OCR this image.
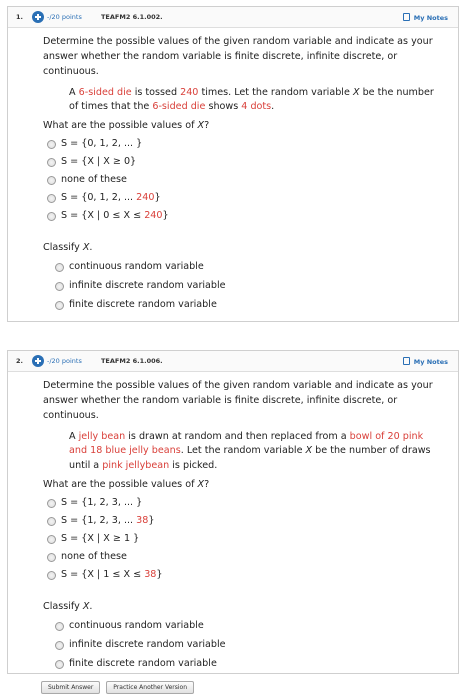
1.	-/20 points	TEAFM2 6.1.002.	My Notes
Determine the possible values of the given random variable and indicate as your answer whether the random variable is finite discrete, infinite discrete, or continuous.
A 6-sided die is tossed 240 times. Let the random variable X be the number of times that the 6-sided die shows 4 dots.
What are the possible values of X?
S = {0, 1, 2, ... }
S = {X | X ≥ 0}
none of these
S = {0, 1, 2, ... 240}
S = {X | 0 ≤ X ≤ 240}
Classify X.
continuous random variable
infinite discrete random variable
finite discrete random variable
2.	-/20 points	TEAFM2 6.1.006.	My Notes
Determine the possible values of the given random variable and indicate as your answer whether the random variable is finite discrete, infinite discrete, or continuous.
A jelly bean is drawn at random and then replaced from a bowl of 20 pink and 18 blue jelly beans. Let the random variable X be the number of draws until a pink jellybean is picked.
What are the possible values of X?
S = {1, 2, 3, ... }
S = {1, 2, 3, ... 38}
S = {X | X ≥ 1 }
none of these
S = {X | 1 ≤ X ≤ 38}
Classify X.
continuous random variable
infinite discrete random variable
finite discrete random variable
Submit Answer	Practice Another Version
